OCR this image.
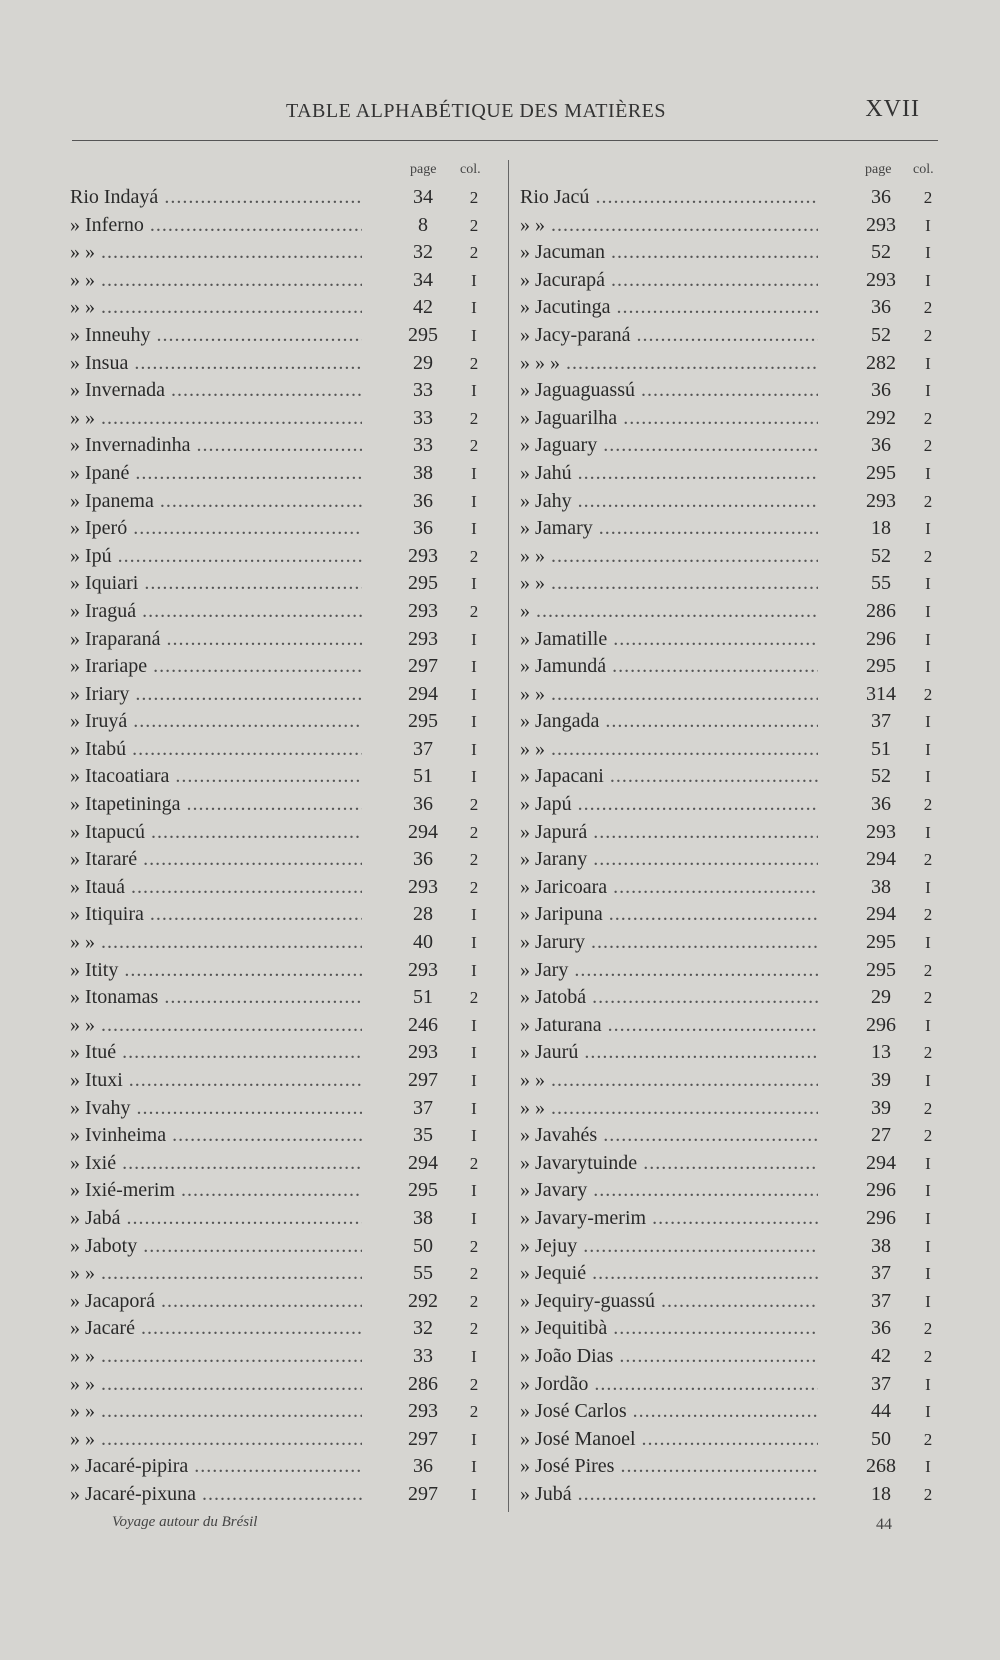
TABLE ALPHABÉTIQUE DES MATIÈRES	XVII
page col.
Rio Indayá .....	34	2
» Inferno .....	8	2
» » .....	32	2
» » .....	34	I
» » .....	42	I
» Inneuhy .....	295	I
» Insua .....	29	2
» Invernada .....	33	I
» » .....	33	2
» Invernadinha .....	33	2
» Ipané .....	38	I
» Ipanema .....	36	I
» Iperó .....	36	I
» Ipú .....	293	2
» Iquiari .....	295	I
» Iraguá .....	293	2
» Iraparaná .....	293	I
» Irariape .....	297	I
» Iriary .....	294	I
» Iruyá .....	295	I
» Itabú .....	37	I
» Itacoatiara .....	51	I
» Itapetininga .....	36	2
» Itapucú .....	294	2
» Itararé .....	36	2
» Itauá .....	293	2
» Itiquira .....	28	I
» » .....	40	I
» Itity .....	293	I
» Itonamas .....	51	2
» » .....	246	I
» Itué .....	293	I
» Ituxi .....	297	I
» Ivahy .....	37	I
» Ivinheima .....	35	I
» Ixié .....	294	2
» Ixié-merim .....	295	I
» Jabá .....	38	I
» Jaboty .....	50	2
» » .....	55	2
» Jacaporá .....	292	2
» Jacaré .....	32	2
» » .....	33	I
» » .....	286	2
» » .....	293	2
» » .....	297	I
» Jacaré-pipira .....	36	I
» Jacaré-pixuna .....	297	I
page col.
Rio Jacú .....	36	2
» » .....	293	I
» Jacuman .....	52	I
» Jacurapá .....	293	I
» Jacutinga .....	36	2
» Jacy-paraná .....	52	2
» » » .....	282	I
» Jaguaguassú .....	36	I
» Jaguarilha .....	292	2
» Jaguary .....	36	2
» Jahú .....	295	I
» Jahy .....	293	2
» Jamary .....	18	I
» » .....	52	2
» » .....	55	I
» .....	286	I
» Jamatille .....	296	I
» Jamundá .....	295	I
» » .....	314	2
» Jangada .....	37	I
» » .....	51	I
» Japacani .....	52	I
» Japú .....	36	2
» Japurá .....	293	I
» Jarany .....	294	2
» Jaricoara .....	38	I
» Jaripuna .....	294	2
» Jarury .....	295	I
» Jary .....	295	2
» Jatobá .....	29	2
» Jaturana .....	296	I
» Jaurú .....	13	2
» » .....	39	I
» » .....	39	2
» Javahés .....	27	2
» Javarytuinde .....	294	I
» Javary .....	296	I
» Javary-merim .....	296	I
» Jejuy .....	38	I
» Jequié .....	37	I
» Jequiry-guassú .....	37	I
» Jequitibà .....	36	2
» João Dias .....	42	2
» Jordão .....	37	I
» José Carlos .....	44	I
» José Manoel .....	50	2
» José Pires .....	268	I
» Jubá .....	18	2
Voyage autour du Brésil	44
